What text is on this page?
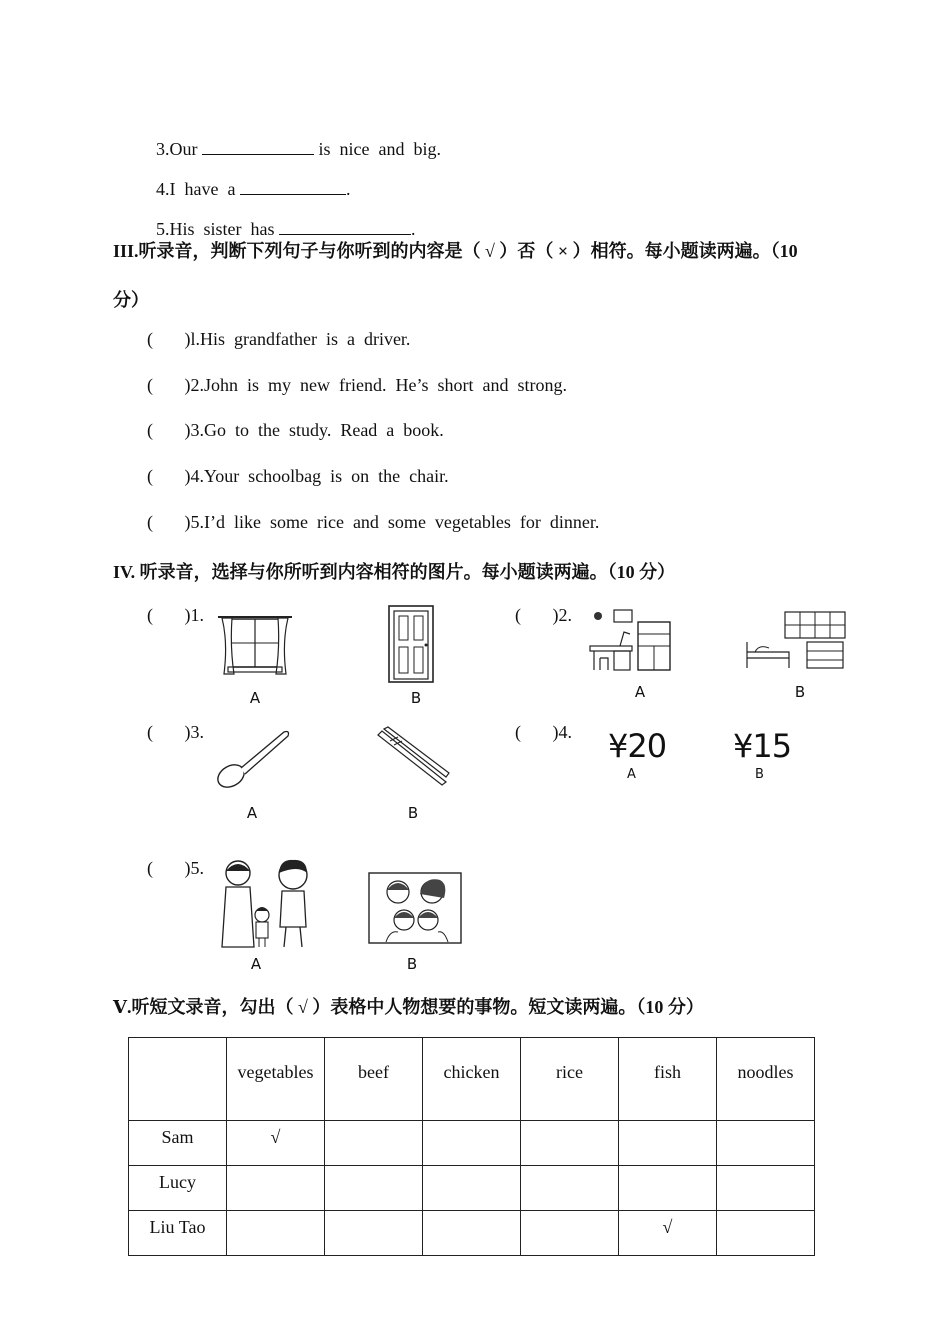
3.Our	is  nice  and  big.

4.I  have  a	.

5.His  sister  has	.

III.听录音，判断下列句子与你听到的内容是（ √ ）否（ × ）相符。每小题读两遍。（10
分）
(       )l.His  grandfather  is  a  driver.
(       )2.John  is  my  new  friend.  He’s  short  and  strong.
(       )3.Go  to  the  study.  Read  a  book.
(       )4.Your  schoolbag  is  on  the  chair.
(       )5.I’d  like  some  rice  and  some  vegetables  for  dinner.
IV. 听录音，选择与你所听到内容相符的图片。每小题读两遍。（10 分）
( )1.
A	B
( )2.
A	B
( )3.
A	B
( )4. ¥20
A
¥15
B
( )5.
A	B
Ⅴ.听短文录音，勾出（ √ ）表格中人物想要的事物。短文读两遍。（10 分）
	vegetables	beef	chicken	rice	fish	noodles
Sam	√					
Lucy						
Liu Tao					√	
